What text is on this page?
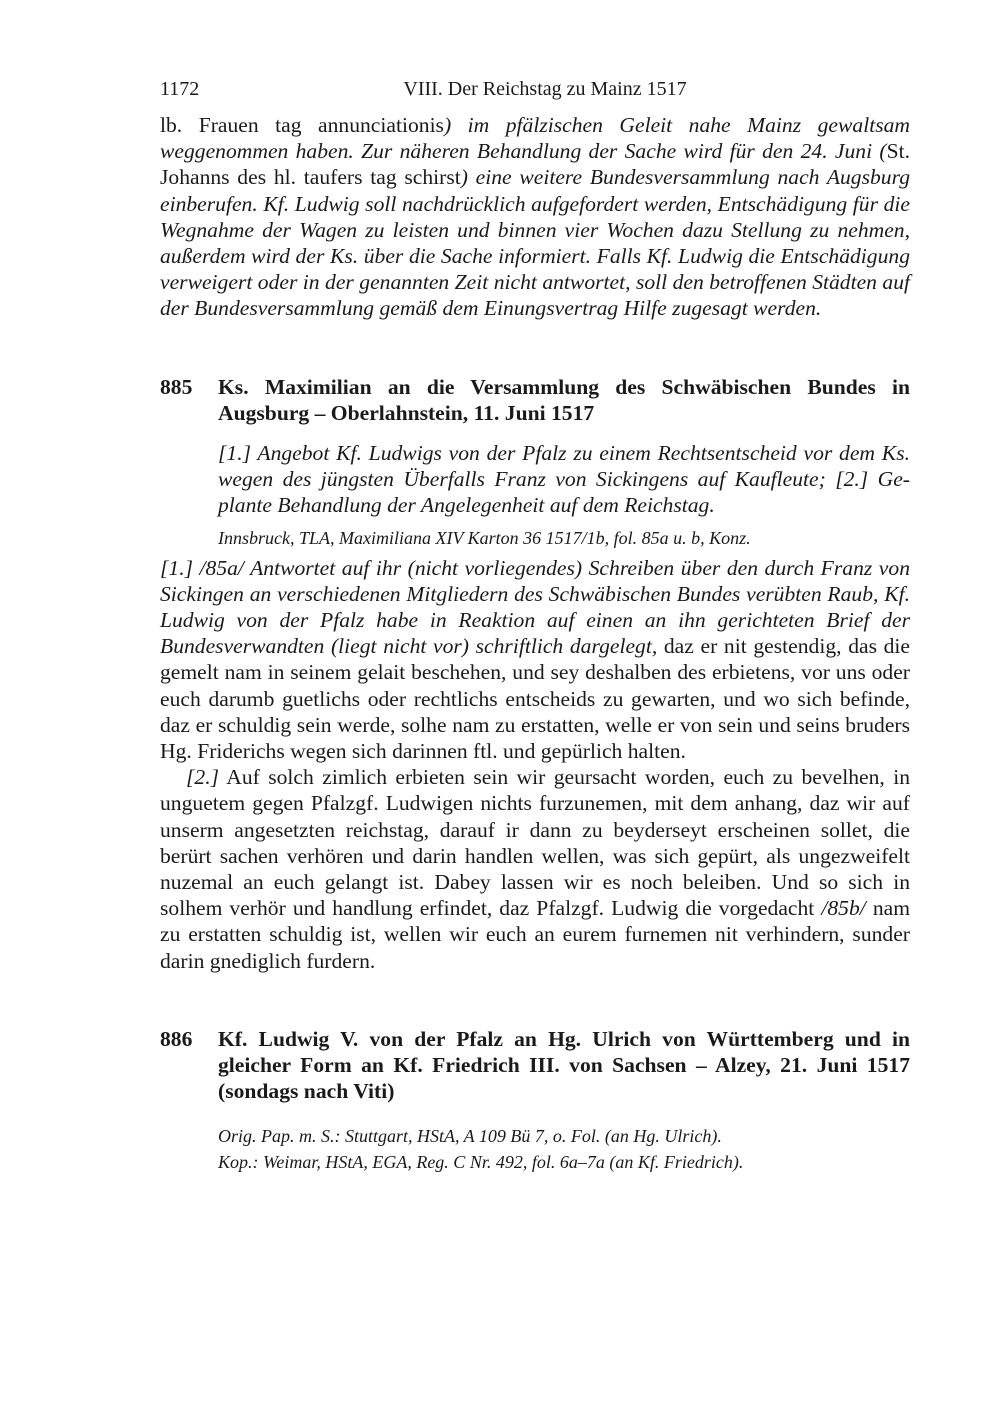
1172	VIII. Der Reichstag zu Mainz 1517

lb. Frauen tag annunciationis) im pfälzischen Geleit nahe Mainz gewaltsam weggenommen haben. Zur näheren Behandlung der Sache wird für den 24. Juni (St. Johanns des hl. taufers tag schirst) eine weitere Bundesversammlung nach Augsburg einberufen. Kf. Ludwig soll nachdrücklich aufgefordert werden, Entschädigung für die Wegnahme der Wagen zu leisten und binnen vier Wochen dazu Stellung zu nehmen, außerdem wird der Ks. über die Sache informiert. Falls Kf. Ludwig die Entschädigung verweigert oder in der genannten Zeit nicht antwortet, soll den betroffenen Städten auf der Bundesversammlung gemäß dem Einungsvertrag Hilfe zugesagt werden.

885	Ks. Maximilian an die Versammlung des Schwäbischen Bundes in Augsburg – Oberlahnstein, 11. Juni 1517

[1.] Angebot Kf. Ludwigs von der Pfalz zu einem Rechtsentscheid vor dem Ks. wegen des jüngsten Überfalls Franz von Sickingens auf Kaufleute; [2.] Geplante Behandlung der Angelegenheit auf dem Reichstag.

Innsbruck, TLA, Maximiliana XIV Karton 36 1517/1b, fol. 85a u. b, Konz.

[1.] /85a/ Antwortet auf ihr (nicht vorliegendes) Schreiben über den durch Franz von Sickingen an verschiedenen Mitgliedern des Schwäbischen Bundes verübten Raub, Kf. Ludwig von der Pfalz habe in Reaktion auf einen an ihn gerichteten Brief der Bundesverwandten (liegt nicht vor) schriftlich dargelegt, daz er nit gestendig, das die gemelt nam in seinem gelait beschehen, und sey deshalben des erbietens, vor uns oder euch darumb guetlichs oder rechtlichs entscheids zu gewarten, und wo sich befinde, daz er schuldig sein werde, solhe nam zu erstatten, welle er von sein und seins bruders Hg. Friderichs wegen sich darinnen ftl. und gepürlich halten.

[2.] Auf solch zimlich erbieten sein wir geursacht worden, euch zu bevelhen, in unguetem gegen Pfalzgf. Ludwigen nichts furzunemen, mit dem anhang, daz wir auf unserm angesetzten reichstag, darauf ir dann zu beyderseyt erscheinen sollet, die berürt sachen verhören und darin handlen wellen, was sich gepürt, als ungezweifelt nuzemal an euch gelangt ist. Dabey lassen wir es noch beleiben. Und so sich in solhem verhör und handlung erfindet, daz Pfalzgf. Ludwig die vorgedacht /85b/ nam zu erstatten schuldig ist, wellen wir euch an eurem furnemen nit verhindern, sunder darin gnediglich furdern.

886	Kf. Ludwig V. von der Pfalz an Hg. Ulrich von Württemberg und in gleicher Form an Kf. Friedrich III. von Sachsen – Alzey, 21. Juni 1517 (sondags nach Viti)

Orig. Pap. m. S.: Stuttgart, HStA, A 109 Bü 7, o. Fol. (an Hg. Ulrich).
Kop.: Weimar, HStA, EGA, Reg. C Nr. 492, fol. 6a–7a (an Kf. Friedrich).
